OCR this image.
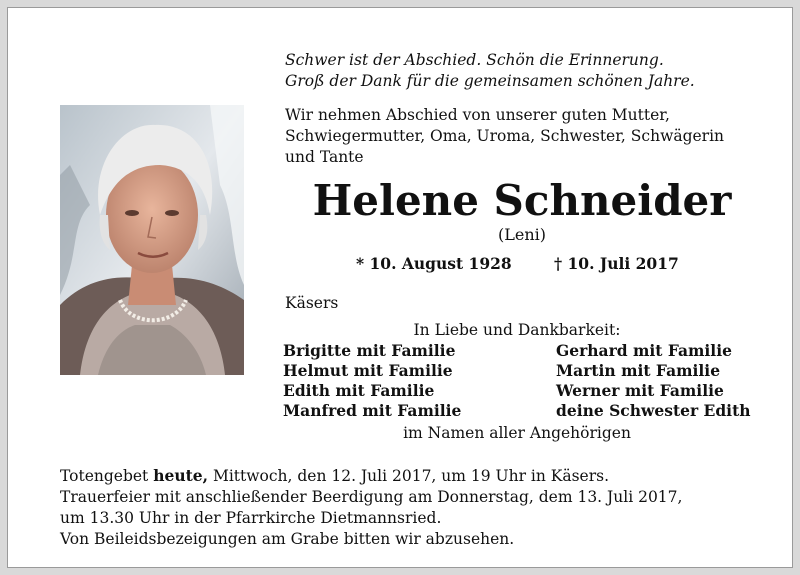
Schwer ist der Abschied. Schön die Erinnerung.
Groß der Dank für die gemeinsamen schönen Jahre.
Wir nehmen Abschied von unserer guten Mutter,
Schwiegermutter, Oma, Uroma, Schwester, Schwägerin
und Tante
Helene Schneider
(Leni)
* 10. August 1928	† 10. Juli 2017
Käsers
In Liebe und Dankbarkeit:
Brigitte mit Familie
Helmut mit Familie
Edith mit Familie
Manfred mit Familie
Gerhard mit Familie
Martin mit Familie
Werner mit Familie
deine Schwester Edith
im Namen aller Angehörigen
Totengebet heute, Mittwoch, den 12. Juli 2017, um 19 Uhr in Käsers.
Trauerfeier mit anschließender Beerdigung am Donnerstag, dem 13. Juli 2017,
um 13.30 Uhr in der Pfarrkirche Dietmannsried.
Von Beileidsbezeigungen am Grabe bitten wir abzusehen.
